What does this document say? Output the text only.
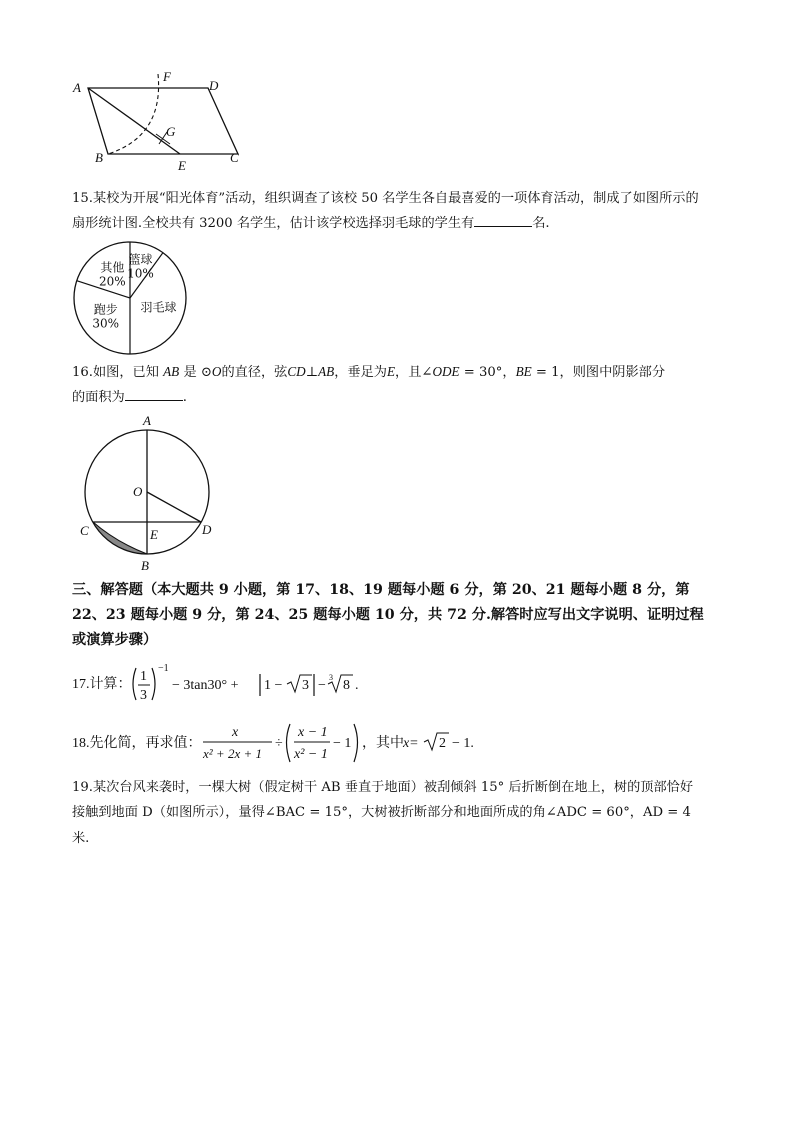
A
F
D
G
B
E
C
15.某校为开展“阳光体育”活动，组织调查了该校 50 名学生各自最喜爱的一项体育活动，制成了如图所示的
扇形统计图.全校共有 3200 名学生，估计该学校选择羽毛球的学生有	名.
篮球
10%
羽毛球
跑步
30%
其他
20%
16.如图，已知 AB 是 ⊙O的直径，弦CD⊥AB，垂足为E，且∠ODE = 30°，BE = 1，则图中阴影部分
的面积为	.
A
O
C	E	D
B
三、解答题（本大题共 9 小题，第 17、18、19 题每小题 6 分，第 20、21 题每小题 8 分，第
22、23 题每小题 9 分，第 24、25 题每小题 10 分，共 72 分.解答时应写出文字说明、证明过程
或演算步骤）
17.计算：
1
3
−1
− 3tan30° + 1 − 3 −
3
8 .
18.先化简，再求值：
x
x² + 2x + 1
÷
x − 1
x² − 1
− 1 ，其中 x = 2 − 1.
19.某次台风来袭时，一棵大树（假定树干 AB 垂直于地面）被刮倾斜 15° 后折断倒在地上，树的顶部恰好
接触到地面 D（如图所示），量得∠BAC = 15°，大树被折断部分和地面所成的角∠ADC = 60°，AD = 4
米.
